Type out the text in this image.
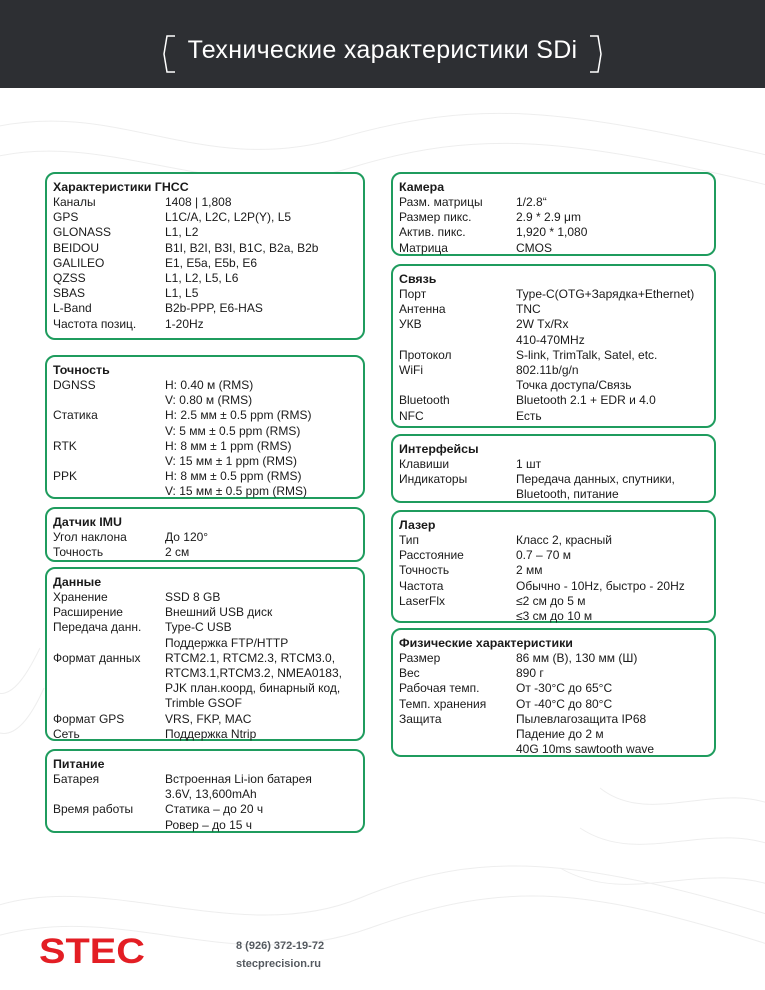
Технические характеристики SDi
Характеристики ГНСС
Каналы	1408 | 1,808
GPS	L1C/A, L2C, L2P(Y), L5
GLONASS	L1, L2
BEIDOU	B1I, B2I, B3I, B1C, B2a, B2b
GALILEO	E1, E5a, E5b, E6
QZSS	L1, L2, L5, L6
SBAS	L1, L5
L-Band	B2b-PPP, E6-HAS
Частота позиц.	1-20Hz
Точность
DGNSS	H: 0.40 м (RMS)
V: 0.80 м (RMS)
Статика	H: 2.5 мм ± 0.5 ppm (RMS)
V: 5 мм ± 0.5 ppm (RMS)
RTK	H: 8 мм ± 1 ppm (RMS)
V: 15 мм ± 1 ppm (RMS)
PPK	H: 8 мм ± 0.5 ppm (RMS)
V: 15 мм ± 0.5 ppm (RMS)
Датчик IMU
Угол наклона	До 120°
Точность	2 см
Данные
Хранение	SSD 8 GB
Расширение	Внешний USB диск
Передача данн.	Type-C USB
Поддержка FTP/HTTP
Формат данных	RTCM2.1, RTCM2.3, RTCM3.0,
RTCM3.1,RTCM3.2, NMEA0183,
PJK план.коорд, бинарный код,
Trimble GSOF
Формат GPS	VRS, FKP, MAC
Сеть	Поддержка Ntrip
Питание
Батарея	Встроенная Li-ion батарея
3.6V, 13,600mAh
Время работы	Статика – до 20 ч
Ровер – до 15 ч
Камера
Разм. матрицы	1/2.8“
Размер пикс.	2.9 * 2.9 μm
Актив. пикс.	1,920 * 1,080
Матрица	CMOS
Связь
Порт	Type-C(OTG+Зарядка+Ethernet)
Антенна	TNC
УКВ	2W Tx/Rx
410-470MHz
Протокол	S-link, TrimTalk, Satel, etc.
WiFi	802.11b/g/n
Точка доступа/Связь
Bluetooth	Bluetooth 2.1 + EDR и 4.0
NFC	Есть
Интерфейсы
Клавиши	1 шт
Индикаторы	Передача данных, спутники,
Bluetooth, питание
Лазер
Тип	Класс 2, красный
Расстояние	0.7 – 70 м
Точность	2 мм
Частота	Обычно - 10Hz, быстро - 20Hz
LaserFlx	≤2 см до 5 м
≤3 см до 10 м
Физические характеристики
Размер	86 мм (В), 130 мм (Ш)
Вес	890 г
Рабочая темп.	От -30°C до 65°C
Темп. хранения	От -40°C до 80°C
Защита	Пылевлагозащита IP68
Падение до 2 м
40G 10ms sawtooth wave
STEC	8 (926) 372-19-72
stecprecision.ru
